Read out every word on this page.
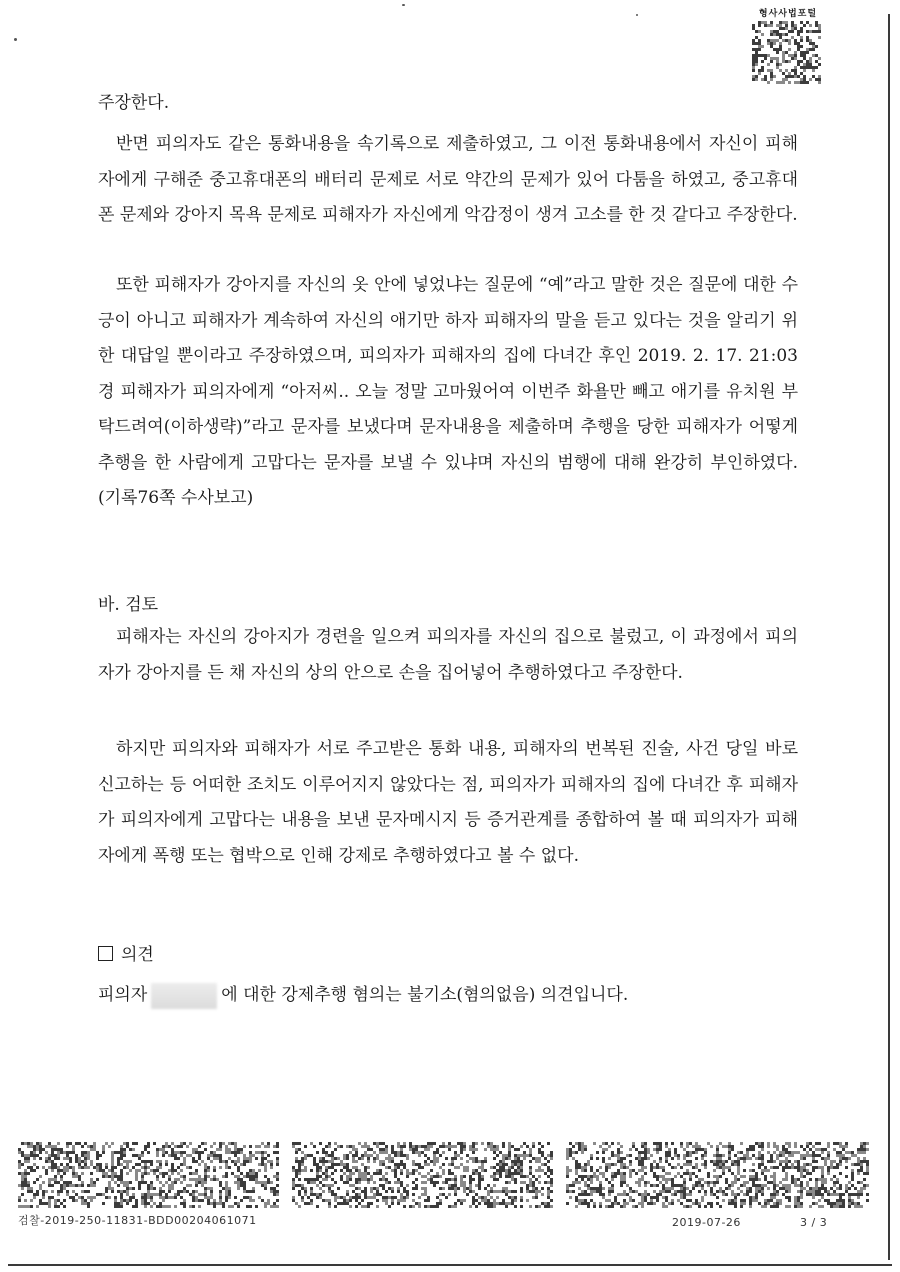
형사사법포털

주장한다.

반면 피의자도 같은 통화내용을 속기록으로 제출하였고, 그 이전 통화내용에서 자신이 피해자에게 구해준 중고휴대폰의 배터리 문제로 서로 약간의 문제가 있어 다툼을 하였고, 중고휴대폰 문제와 강아지 목욕 문제로 피해자가 자신에게 악감정이 생겨 고소를 한 것 같다고 주장한다.

또한 피해자가 강아지를 자신의 옷 안에 넣었냐는 질문에 “예”라고 말한 것은 질문에 대한 수긍이 아니고 피해자가 계속하여 자신의 애기만 하자 피해자의 말을 듣고 있다는 것을 알리기 위한 대답일 뿐이라고 주장하였으며, 피의자가 피해자의 집에 다녀간 후인 2019. 2. 17. 21:03경 피해자가 피의자에게 “아저씨.. 오늘 정말 고마웠어여 이번주 화욜만 빼고 애기를 유치원 부탁드려여(이하생략)”라고 문자를 보냈다며 문자내용을 제출하며 추행을 당한 피해자가 어떻게 추행을 한 사람에게 고맙다는 문자를 보낼 수 있냐며 자신의 범행에 대해 완강히 부인하였다.(기록76쪽 수사보고)

바. 검토

피해자는 자신의 강아지가 경련을 일으켜 피의자를 자신의 집으로 불렀고, 이 과정에서 피의자가 강아지를 든 채 자신의 상의 안으로 손을 집어넣어 추행하였다고 주장한다.

하지만 피의자와 피해자가 서로 주고받은 통화 내용, 피해자의 번복된 진술, 사건 당일 바로 신고하는 등 어떠한 조치도 이루어지지 않았다는 점, 피의자가 피해자의 집에 다녀간 후 피해자가 피의자에게 고맙다는 내용을 보낸 문자메시지 등 증거관계를 종합하여 볼 때 피의자가 피해자에게 폭행 또는 협박으로 인해 강제로 추행하였다고 볼 수 없다.

의견

피의자	에 대한 강제추행 혐의는 불기소(혐의없음) 의견입니다.

검찰-2019-250-11831-BDD00204061071	2019-07-26	3 / 3
